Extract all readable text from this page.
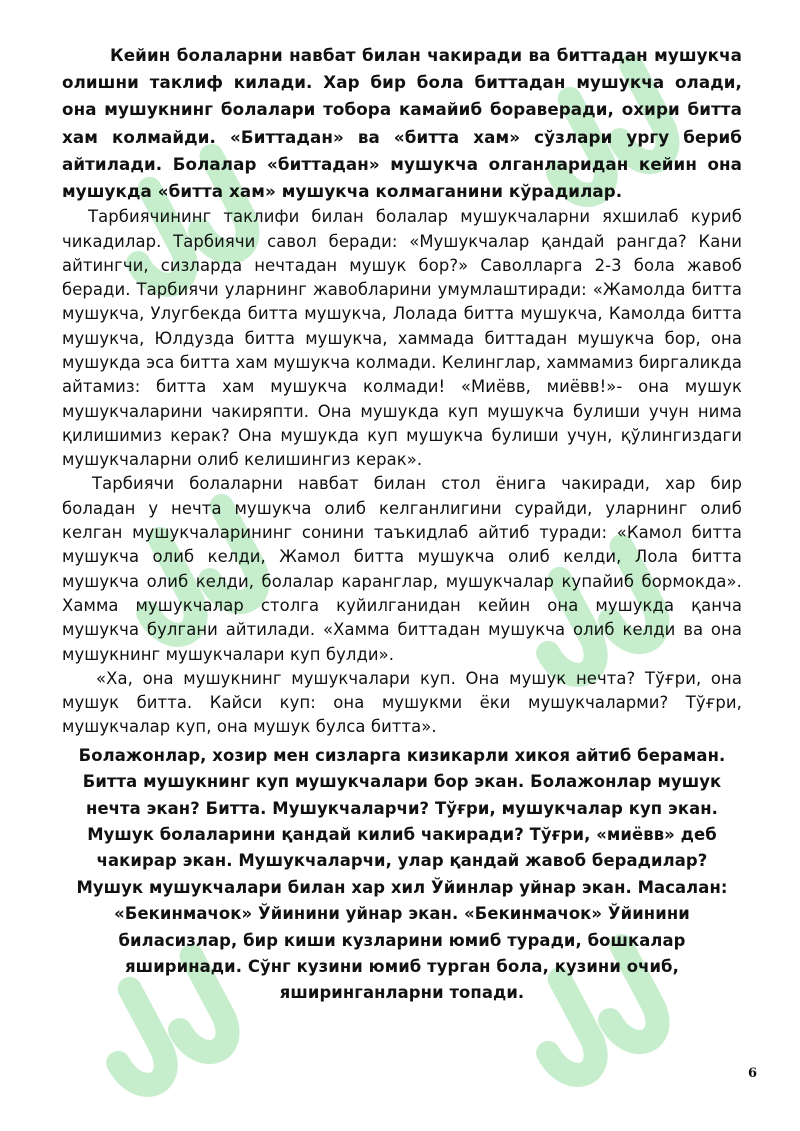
Кейин болаларни навбат билан чакиради ва биттадан мушукча олишни таклиф килади. Хар бир бола биттадан мушукча олади, она мушукнинг болалари тобора камайиб бораверади, охири битта хам колмайди. «Биттадан» ва «битта хам» сўзлари ургу бериб айтилади. Болалар «биттадан» мушукча олганларидан кейин она мушукда «битта хам» мушукча колмаганини кўрадилар.

Тарбиячининг таклифи билан болалар мушукчаларни яхшилаб куриб чикадилар. Тарбиячи савол беради: «Мушукчалар қандай рангда? Кани айтингчи, сизларда нечтадан мушук бор?» Саволларга 2-3 бола жавоб беради. Тарбиячи уларнинг жавобларини умумлаштиради: «Жамолда битта мушукча, Улугбекда битта мушукча, Лолада битта мушукча, Камолда битта мушукча, Юлдузда битта мушукча, хаммада биттадан мушукча бор, она мушукда эса битта хам мушукча колмади. Келинглар, хаммамиз биргаликда айтамиз: битта хам мушукча колмади! «Миёвв, миёвв!»- она мушук мушукчаларини чакиряпти. Она мушукда куп мушукча булиши учун нима қилишимиз керак? Она мушукда куп мушукча булиши учун, қўлингиздаги мушукчаларни олиб келишингиз керак».

Тарбиячи болаларни навбат билан стол ёнига чакиради, хар бир боладан у нечта мушукча олиб келганлигини сурайди, уларнинг олиб келган мушукчаларининг сонини таъкидлаб айтиб туради: «Камол битта мушукча олиб келди, Жамол битта мушукча олиб келди, Лола битта мушукча олиб келди, болалар каранглар, мушукчалар купайиб бормокда». Хамма мушукчалар столга куйилганидан кейин она мушукда қанча мушукча булгани айтилади. «Хамма биттадан мушукча олиб келди ва она мушукнинг мушукчалари куп булди».

«Ха, она мушукнинг мушукчалари куп. Она мушук нечта? Тўғри, она мушук битта. Кайси куп: она мушукми ёки мушукчаларми? Тўғри, мушукчалар куп, она мушук булса битта».

Болажонлар, хозир мен сизларга кизикарли хикоя айтиб бераман. Битта мушукнинг куп мушукчалари бор экан. Болажонлар мушук нечта экан? Битта. Мушукчаларчи? Тўғри, мушукчалар куп экан. Мушук болаларини қандай килиб чакиради? Тўғри, «миёвв» деб чакирар экан. Мушукчаларчи, улар қандай жавоб берадилар? Мушук мушукчалари билан хар хил Ўйинлар уйнар экан. Масалан: «Бекинмачок» Ўйинини уйнар экан. «Бекинмачок» Ўйинини биласизлар, бир киши кузларини юмиб туради, бошкалар яширинади. Сўнг кузини юмиб турган бола, кузини очиб, яширинганларни топади.

6
